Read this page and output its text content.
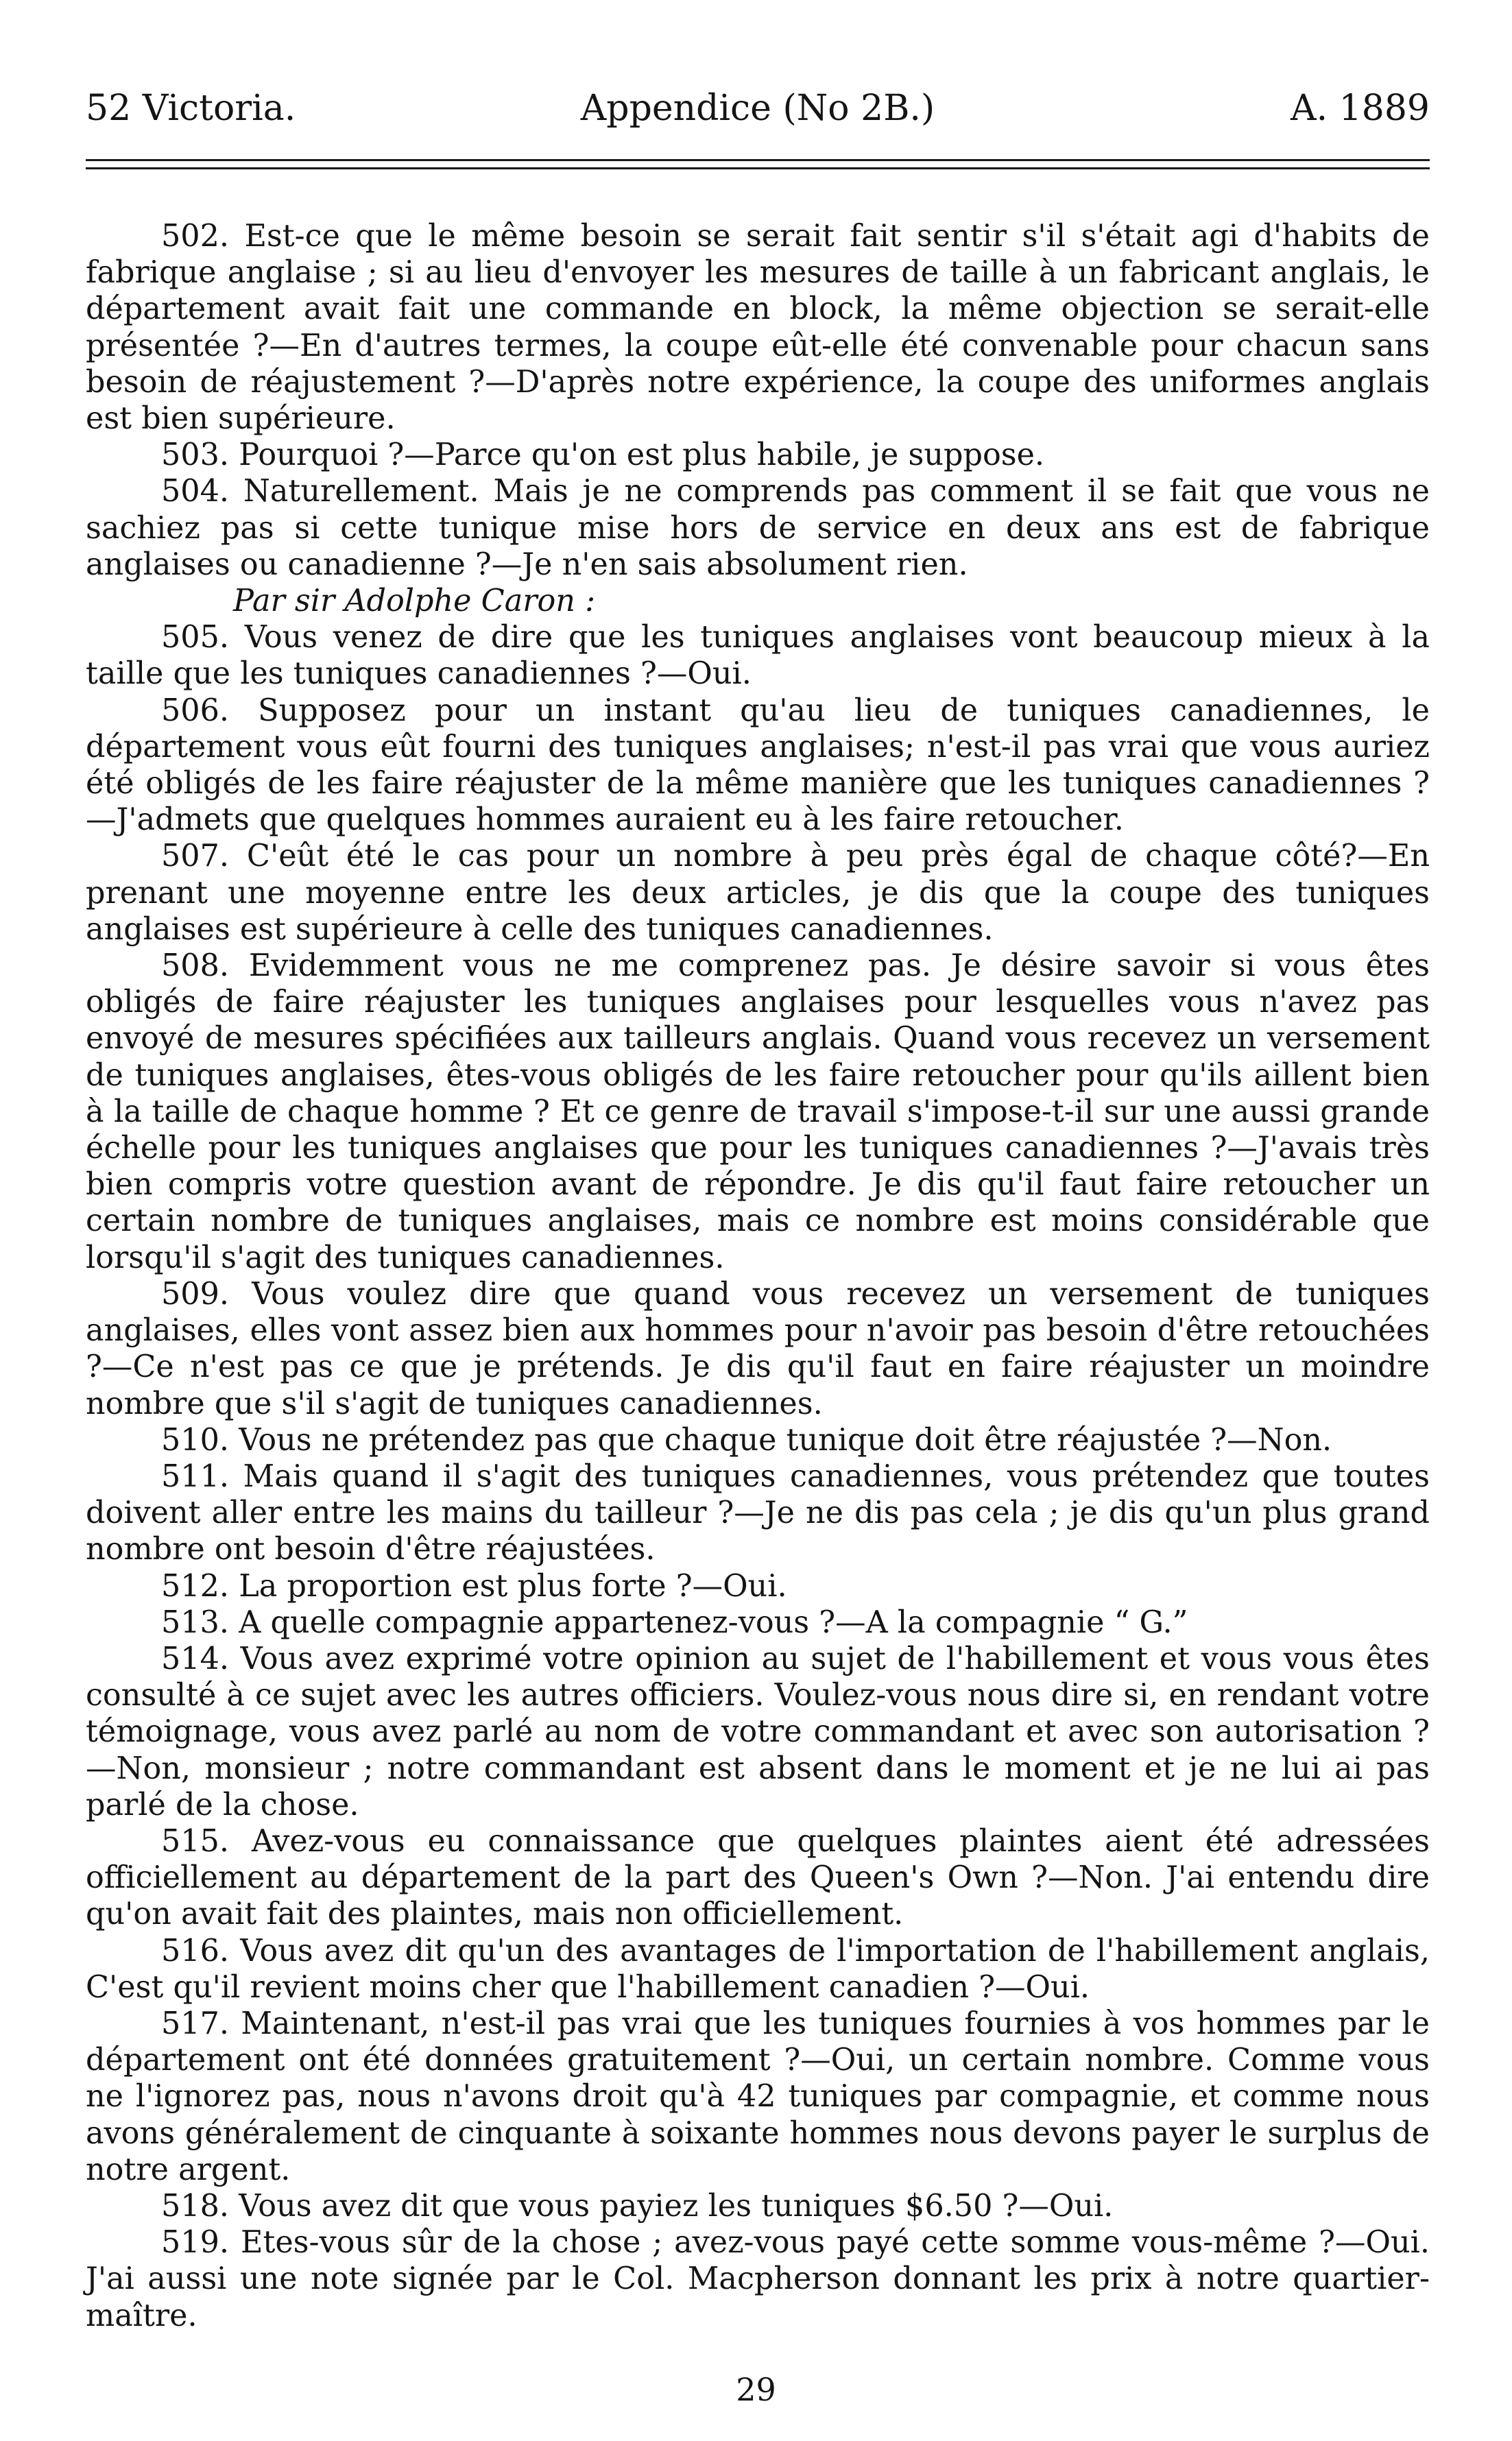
52 Victoria.	Appendice (No 2B.)	A. 1889

502. Est-ce que le même besoin se serait fait sentir s'il s'était agi d'habits de fabrique anglaise ; si au lieu d'envoyer les mesures de taille à un fabricant anglais, le département avait fait une commande en block, la même objection se serait-elle présentée ?—En d'autres termes, la coupe eût-elle été convenable pour chacun sans besoin de réajustement ?—D'après notre expérience, la coupe des uniformes anglais est bien supérieure.

503. Pourquoi ?—Parce qu'on est plus habile, je suppose.

504. Naturellement. Mais je ne comprends pas comment il se fait que vous ne sachiez pas si cette tunique mise hors de service en deux ans est de fabrique anglaises ou canadienne ?—Je n'en sais absolument rien.

Par sir Adolphe Caron :

505. Vous venez de dire que les tuniques anglaises vont beaucoup mieux à la taille que les tuniques canadiennes ?—Oui.

506. Supposez pour un instant qu'au lieu de tuniques canadiennes, le département vous eût fourni des tuniques anglaises; n'est-il pas vrai que vous auriez été obligés de les faire réajuster de la même manière que les tuniques canadiennes ?—J'admets que quelques hommes auraient eu à les faire retoucher.

507. C'eût été le cas pour un nombre à peu près égal de chaque côté?—En prenant une moyenne entre les deux articles, je dis que la coupe des tuniques anglaises est supérieure à celle des tuniques canadiennes.

508. Evidemment vous ne me comprenez pas. Je désire savoir si vous êtes obligés de faire réajuster les tuniques anglaises pour lesquelles vous n'avez pas envoyé de mesures spécifiées aux tailleurs anglais. Quand vous recevez un versement de tuniques anglaises, êtes-vous obligés de les faire retoucher pour qu'ils aillent bien à la taille de chaque homme ? Et ce genre de travail s'impose-t-il sur une aussi grande échelle pour les tuniques anglaises que pour les tuniques canadiennes ?—J'avais très bien compris votre question avant de répondre. Je dis qu'il faut faire retoucher un certain nombre de tuniques anglaises, mais ce nombre est moins considérable que lorsqu'il s'agit des tuniques canadiennes.

509. Vous voulez dire que quand vous recevez un versement de tuniques anglaises, elles vont assez bien aux hommes pour n'avoir pas besoin d'être retouchées ?—Ce n'est pas ce que je prétends. Je dis qu'il faut en faire réajuster un moindre nombre que s'il s'agit de tuniques canadiennes.

510. Vous ne prétendez pas que chaque tunique doit être réajustée ?—Non.

511. Mais quand il s'agit des tuniques canadiennes, vous prétendez que toutes doivent aller entre les mains du tailleur ?—Je ne dis pas cela ; je dis qu'un plus grand nombre ont besoin d'être réajustées.

512. La proportion est plus forte ?—Oui.

513. A quelle compagnie appartenez-vous ?—A la compagnie “ G.”

514. Vous avez exprimé votre opinion au sujet de l'habillement et vous vous êtes consulté à ce sujet avec les autres officiers. Voulez-vous nous dire si, en rendant votre témoignage, vous avez parlé au nom de votre commandant et avec son autorisation ?—Non, monsieur ; notre commandant est absent dans le moment et je ne lui ai pas parlé de la chose.

515. Avez-vous eu connaissance que quelques plaintes aient été adressées officiellement au département de la part des Queen's Own ?—Non. J'ai entendu dire qu'on avait fait des plaintes, mais non officiellement.

516. Vous avez dit qu'un des avantages de l'importation de l'habillement anglais, C'est qu'il revient moins cher que l'habillement canadien ?—Oui.

517. Maintenant, n'est-il pas vrai que les tuniques fournies à vos hommes par le département ont été données gratuitement ?—Oui, un certain nombre. Comme vous ne l'ignorez pas, nous n'avons droit qu'à 42 tuniques par compagnie, et comme nous avons généralement de cinquante à soixante hommes nous devons payer le surplus de notre argent.

518. Vous avez dit que vous payiez les tuniques $6.50 ?—Oui.

519. Etes-vous sûr de la chose ; avez-vous payé cette somme vous-même ?—Oui. J'ai aussi une note signée par le Col. Macpherson donnant les prix à notre quartier-maître.

29
